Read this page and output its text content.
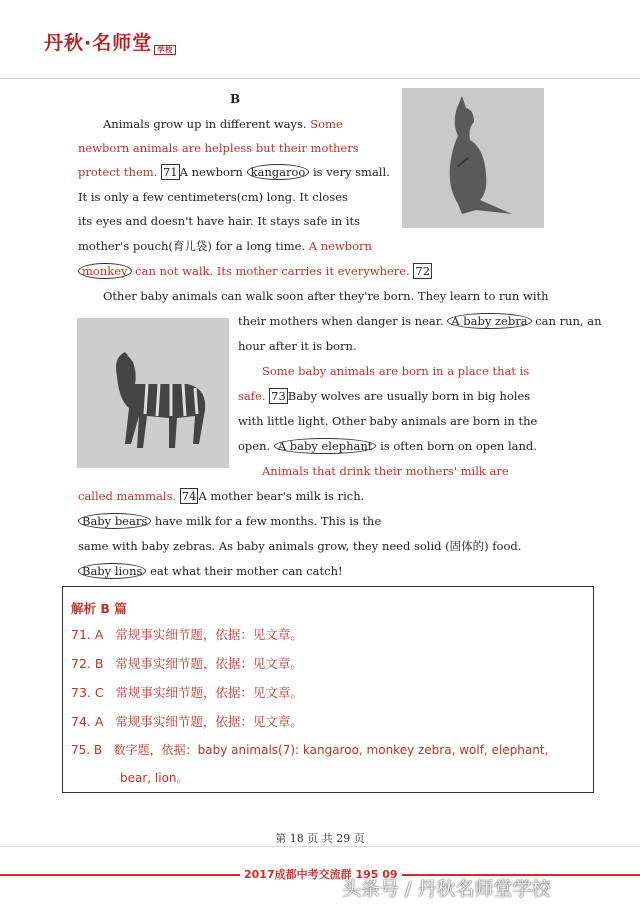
丹秋·名师堂 学校
B
Animals grow up in different ways. Some
newborn animals are helpless but their mothers
protect them. 71 A newborn kangaroo is very small.
It is only a few centimeters(cm) long. It closes
its eyes and doesn't have hair. It stays safe in its
mother's pouch(育儿袋) for a long time. A newborn
monkey can not walk. Its mother carries it everywhere. 72
Other baby animals can walk soon after they're born. They learn to run with
their mothers when danger is near. A baby zebra can run, an
hour after it is born.
Some baby animals are born in a place that is
safe. 73 Baby wolves are usually born in big holes
with little light. Other baby animals are born in the
open. A baby elephant is often born on open land.
Animals that drink their mothers' milk are
called mammals. 74 A mother bear's milk is rich.
Baby bears have milk for a few months. This is the
same with baby zebras. As baby animals grow, they need solid (固体的) food.
Baby lions eat what their mother can catch!
解析 B 篇
71. A 常规事实细节题，依据：见文章。
72. B 常规事实细节题，依据：见文章。
73. C 常规事实细节题，依据：见文章。
74. A 常规事实细节题，依据：见文章。
75. B 数字题，依据：baby animals(7): kangaroo, monkey zebra, wolf, elephant,
bear, lion。
第 18 页 共 29 页
2017成都中考交流群 195 09
头条号 / 丹秋名师堂学校
